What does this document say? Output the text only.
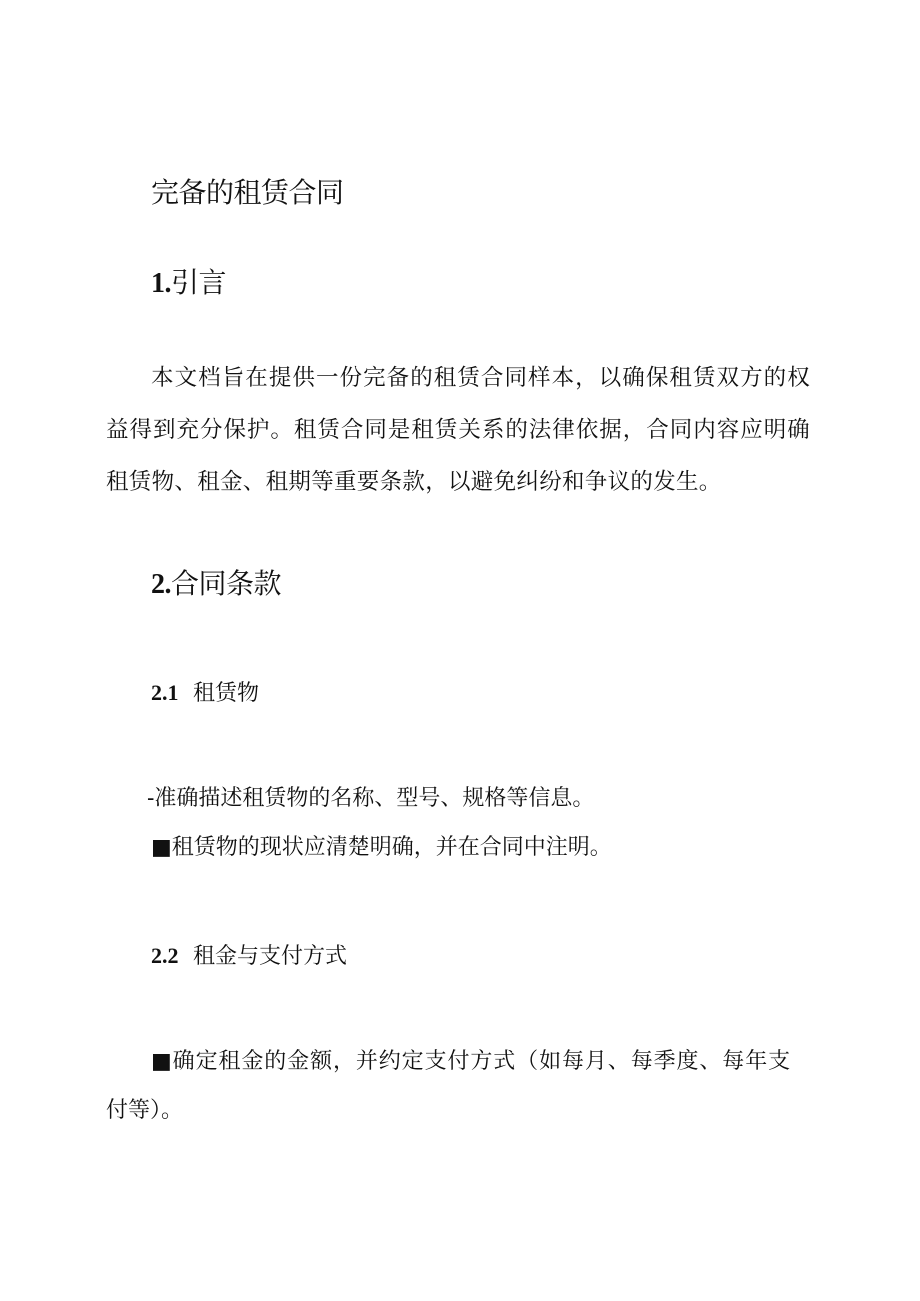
完备的租赁合同
1.引言
本文档旨在提供一份完备的租赁合同样本，以确保租赁双方的权益得到充分保护。租赁合同是租赁关系的法律依据，合同内容应明确租赁物、租金、租期等重要条款，以避免纠纷和争议的发生。
2.合同条款
2.1 租赁物
-准确描述租赁物的名称、型号、规格等信息。
■租赁物的现状应清楚明确，并在合同中注明。
2.2 租金与支付方式
■确定租金的金额，并约定支付方式（如每月、每季度、每年支
付等）。
